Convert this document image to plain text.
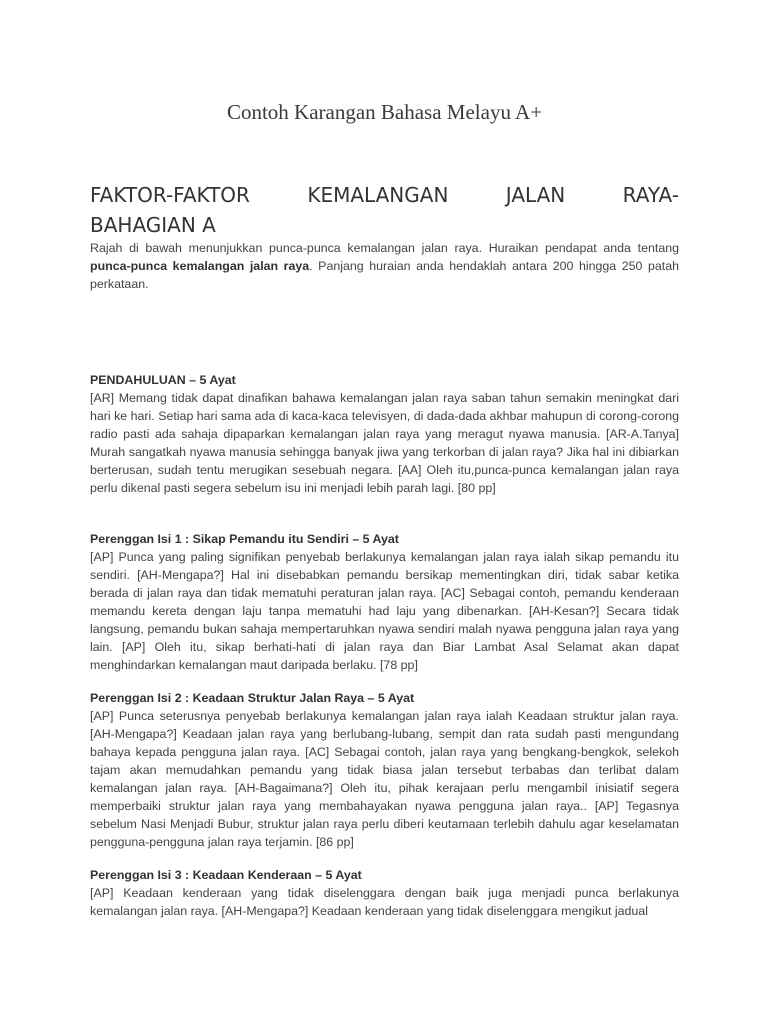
Contoh Karangan Bahasa Melayu A+
FAKTOR-FAKTOR	KEMALANGAN	JALAN	RAYA-
BAHAGIAN A

Rajah di bawah menunjukkan punca-punca kemalangan jalan raya. Huraikan pendapat anda tentang punca-punca kemalangan jalan raya. Panjang huraian anda hendaklah antara 200 hingga 250 patah perkataan.

PENDAHULUAN – 5 Ayat

[AR] Memang tidak dapat dinafikan bahawa kemalangan jalan raya saban tahun semakin meningkat dari hari ke hari. Setiap hari sama ada di kaca-kaca televisyen, di dada-dada akhbar mahupun di corong-corong radio pasti ada sahaja dipaparkan kemalangan jalan raya yang meragut nyawa manusia. [AR-A.Tanya] Murah sangatkah nyawa manusia sehingga banyak jiwa yang terkorban di jalan raya? Jika hal ini dibiarkan berterusan, sudah tentu merugikan sesebuah negara. [AA] Oleh itu,punca-punca kemalangan jalan raya perlu dikenal pasti segera sebelum isu ini menjadi lebih parah lagi. [80 pp]

Perenggan Isi 1 : Sikap Pemandu itu Sendiri – 5 Ayat

[AP] Punca yang paling signifikan penyebab berlakunya kemalangan jalan raya ialah sikap pemandu itu sendiri. [AH-Mengapa?] Hal ini disebabkan pemandu bersikap mementingkan diri, tidak sabar ketika berada di jalan raya dan tidak mematuhi peraturan jalan raya. [AC] Sebagai contoh, pemandu kenderaan memandu kereta dengan laju tanpa mematuhi had laju yang dibenarkan. [AH-Kesan?] Secara tidak langsung, pemandu bukan sahaja mempertaruhkan nyawa sendiri malah nyawa pengguna jalan raya yang lain. [AP] Oleh itu, sikap berhati-hati di jalan raya dan Biar Lambat Asal Selamat akan dapat menghindarkan kemalangan maut daripada berlaku. [78 pp]

Perenggan Isi 2 : Keadaan Struktur Jalan Raya – 5 Ayat

[AP] Punca seterusnya penyebab berlakunya kemalangan jalan raya ialah Keadaan struktur jalan raya. [AH-Mengapa?] Keadaan jalan raya yang berlubang-lubang, sempit dan rata sudah pasti mengundang bahaya kepada pengguna jalan raya. [AC] Sebagai contoh, jalan raya yang bengkang-bengkok, selekoh tajam akan memudahkan pemandu yang tidak biasa jalan tersebut terbabas dan terlibat dalam kemalangan jalan raya. [AH-Bagaimana?] Oleh itu, pihak kerajaan perlu mengambil inisiatif segera memperbaiki struktur jalan raya yang membahayakan nyawa pengguna jalan raya.. [AP] Tegasnya sebelum Nasi Menjadi Bubur, struktur jalan raya perlu diberi keutamaan terlebih dahulu agar keselamatan pengguna-pengguna jalan raya terjamin. [86 pp]

Perenggan Isi 3 : Keadaan Kenderaan – 5 Ayat

[AP] Keadaan kenderaan yang tidak diselenggara dengan baik juga menjadi punca berlakunya kemalangan jalan raya. [AH-Mengapa?] Keadaan kenderaan yang tidak diselenggara mengikut jadual
